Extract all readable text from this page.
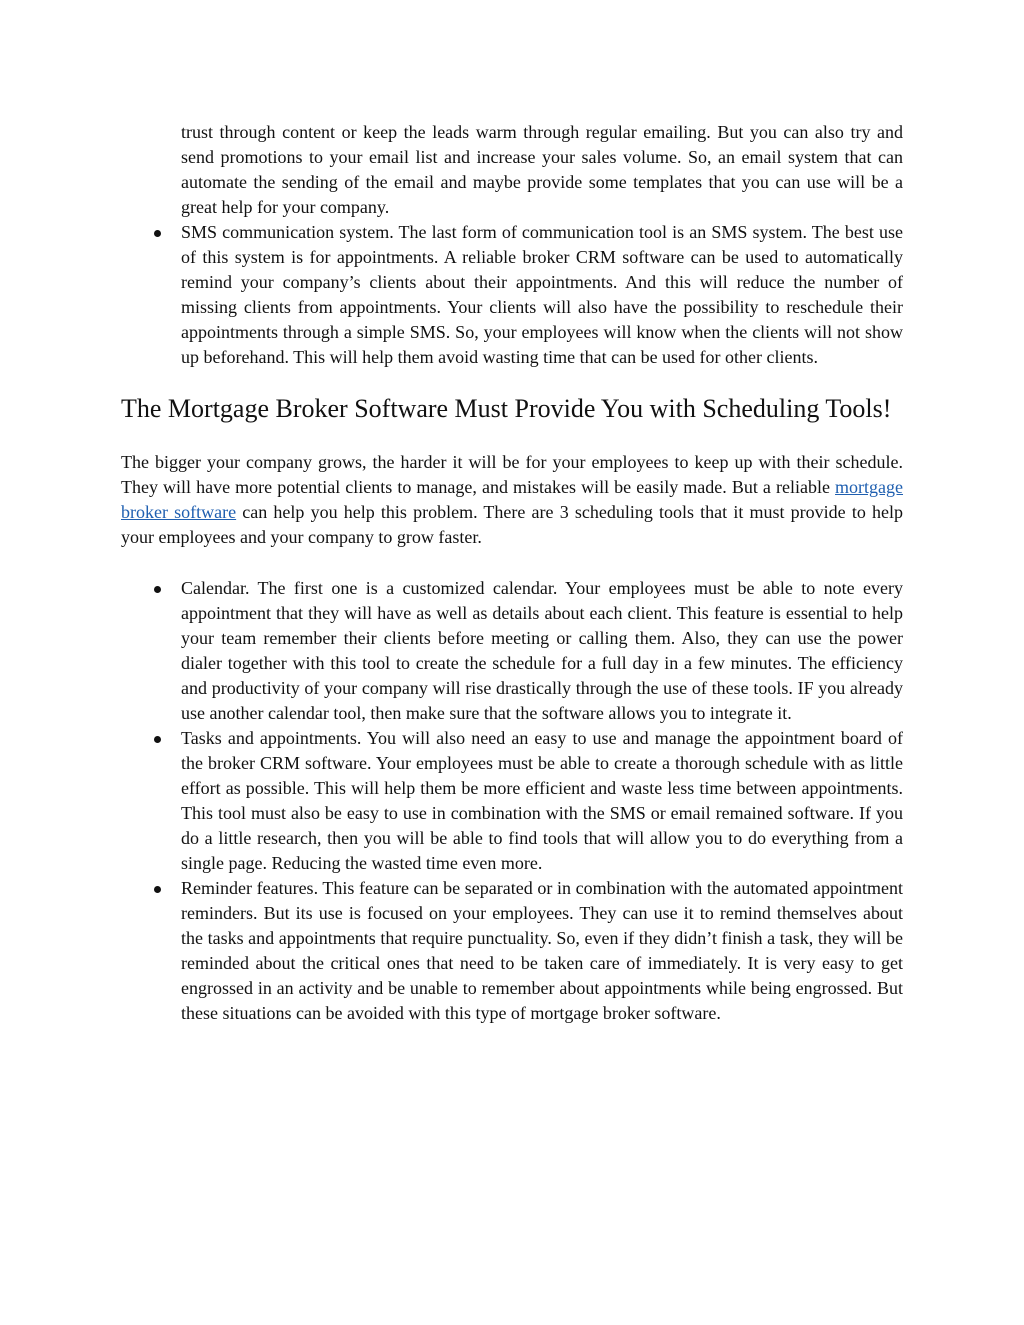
trust through content or keep the leads warm through regular emailing. But you can also try and send promotions to your email list and increase your sales volume. So, an email system that can automate the sending of the email and maybe provide some templates that you can use will be a great help for your company.

SMS communication system. The last form of communication tool is an SMS system. The best use of this system is for appointments. A reliable broker CRM software can be used to automatically remind your company’s clients about their appointments. And this will reduce the number of missing clients from appointments. Your clients will also have the possibility to reschedule their appointments through a simple SMS. So, your employees will know when the clients will not show up beforehand. This will help them avoid wasting time that can be used for other clients.
The Mortgage Broker Software Must Provide You with Scheduling Tools!

The bigger your company grows, the harder it will be for your employees to keep up with their schedule. They will have more potential clients to manage, and mistakes will be easily made. But a reliable mortgage broker software can help you help this problem. There are 3 scheduling tools that it must provide to help your employees and your company to grow faster.

Calendar. The first one is a customized calendar. Your employees must be able to note every appointment that they will have as well as details about each client. This feature is essential to help your team remember their clients before meeting or calling them. Also, they can use the power dialer together with this tool to create the schedule for a full day in a few minutes. The efficiency and productivity of your company will rise drastically through the use of these tools. IF you already use another calendar tool, then make sure that the software allows you to integrate it.
Tasks and appointments. You will also need an easy to use and manage the appointment board of the broker CRM software. Your employees must be able to create a thorough schedule with as little effort as possible. This will help them be more efficient and waste less time between appointments. This tool must also be easy to use in combination with the SMS or email remained software. If you do a little research, then you will be able to find tools that will allow you to do everything from a single page. Reducing the wasted time even more.
Reminder features. This feature can be separated or in combination with the automated appointment reminders. But its use is focused on your employees. They can use it to remind themselves about the tasks and appointments that require punctuality. So, even if they didn’t finish a task, they will be reminded about the critical ones that need to be taken care of immediately. It is very easy to get engrossed in an activity and be unable to remember about appointments while being engrossed. But these situations can be avoided with this type of mortgage broker software.
